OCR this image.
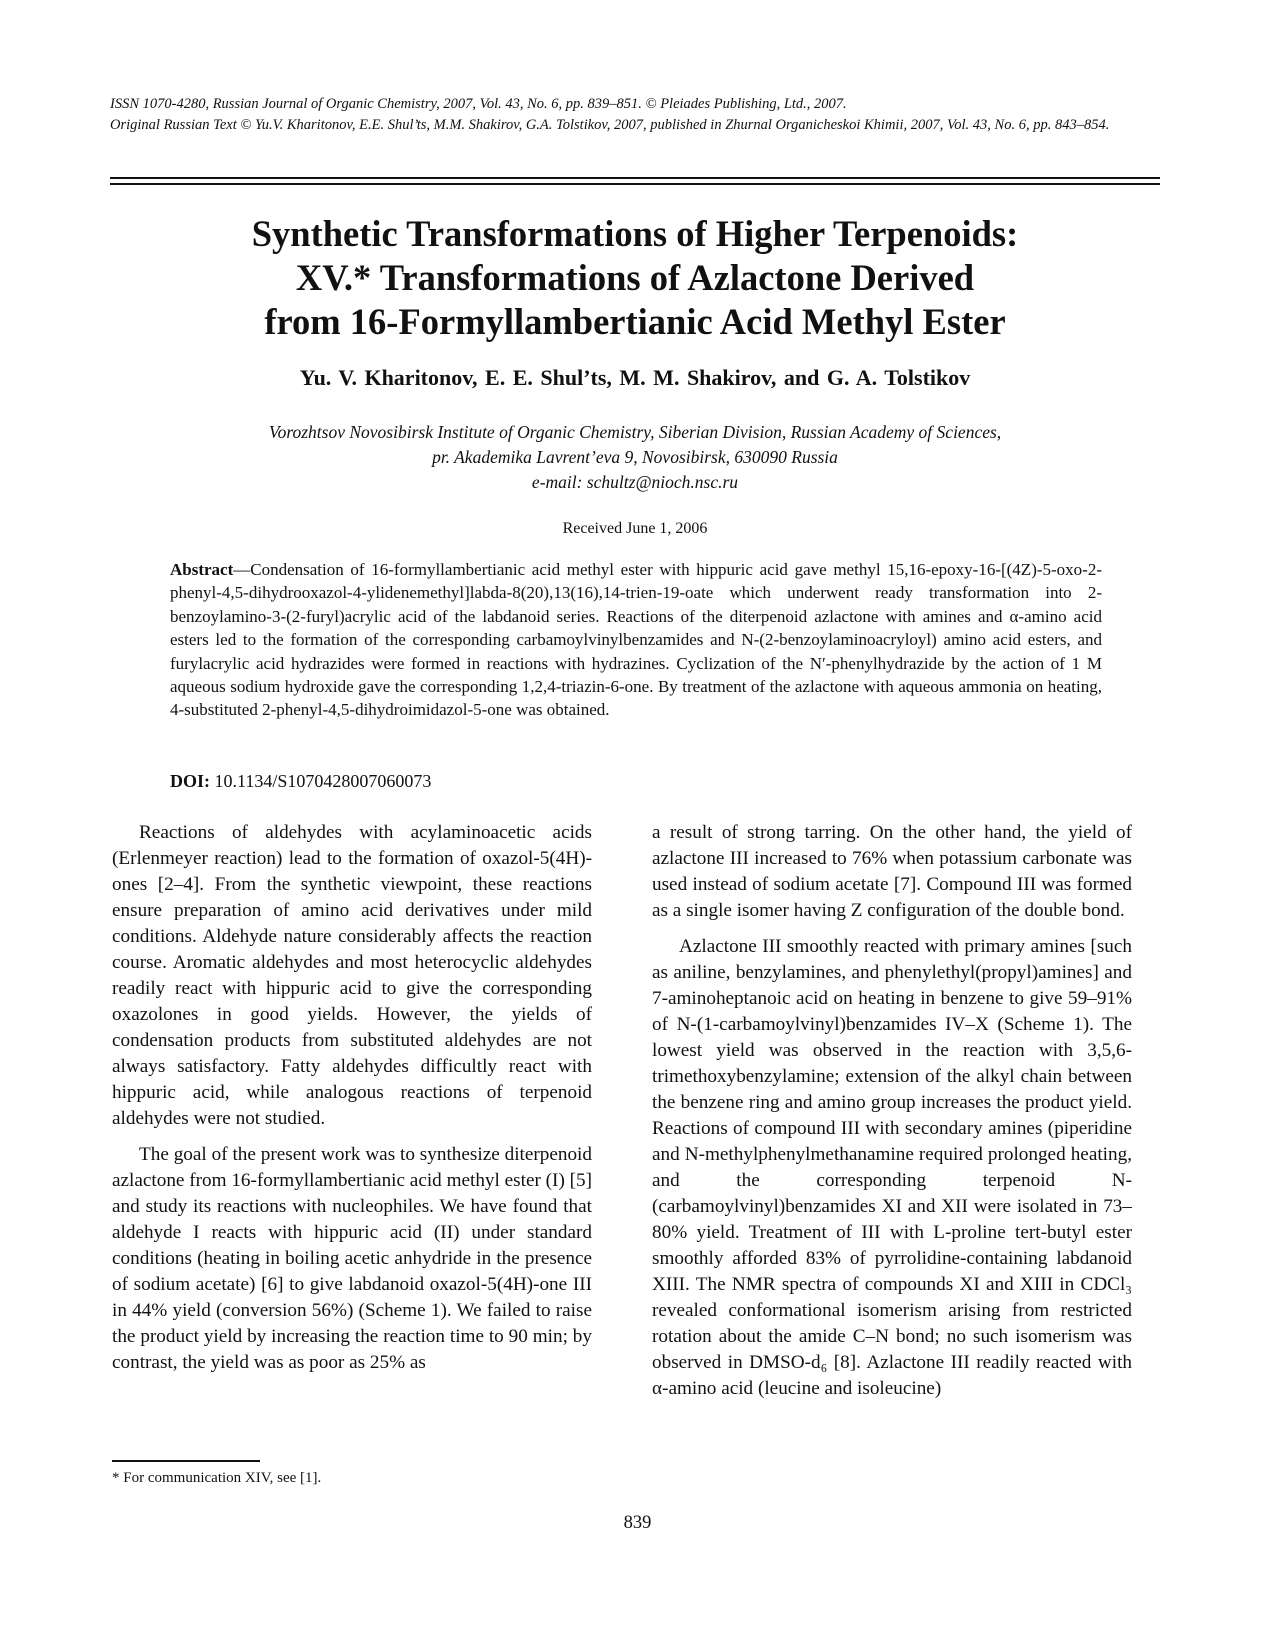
ISSN 1070-4280, Russian Journal of Organic Chemistry, 2007, Vol. 43, No. 6, pp. 839–851. © Pleiades Publishing, Ltd., 2007.

Original Russian Text © Yu.V. Kharitonov, E.E. Shul’ts, M.M. Shakirov, G.A. Tolstikov, 2007, published in Zhurnal Organicheskoi Khimii, 2007, Vol. 43, No. 6, pp. 843–854.

Synthetic Transformations of Higher Terpenoids:
XV.* Transformations of Azlactone Derived
from 16-Formyllambertianic Acid Methyl Ester
Yu. V. Kharitonov, E. E. Shul’ts, M. M. Shakirov, and G. A. Tolstikov
Vorozhtsov Novosibirsk Institute of Organic Chemistry, Siberian Division, Russian Academy of Sciences,
pr. Akademika Lavrent’eva 9, Novosibirsk, 630090 Russia
e-mail: schultz@nioch.nsc.ru
Received June 1, 2006

Abstract—Condensation of 16-formyllambertianic acid methyl ester with hippuric acid gave methyl 15,16-epoxy-16-[(4Z)-5-oxo-2-phenyl-4,5-dihydrooxazol-4-ylidenemethyl]labda-8(20),13(16),14-trien-19-oate which underwent ready transformation into 2-benzoylamino-3-(2-furyl)acrylic acid of the labdanoid series. Reactions of the diterpenoid azlactone with amines and α-amino acid esters led to the formation of the corresponding carbamoylvinylbenzamides and N-(2-benzoylaminoacryloyl) amino acid esters, and furylacrylic acid hydrazides were formed in reactions with hydrazines. Cyclization of the N′-phenylhydrazide by the action of 1 M aqueous sodium hydroxide gave the corresponding 1,2,4-triazin-6-one. By treatment of the azlactone with aqueous ammonia on heating, 4-substituted 2-phenyl-4,5-dihydroimidazol-5-one was obtained.

DOI: 10.1134/S1070428007060073

Reactions of aldehydes with acylaminoacetic acids (Erlenmeyer reaction) lead to the formation of oxazol-5(4H)-ones [2–4]. From the synthetic viewpoint, these reactions ensure preparation of amino acid derivatives under mild conditions. Aldehyde nature considerably affects the reaction course. Aromatic aldehydes and most heterocyclic aldehydes readily react with hippuric acid to give the corresponding oxazolones in good yields. However, the yields of condensation products from substituted aldehydes are not always satisfactory. Fatty aldehydes difficultly react with hippuric acid, while analogous reactions of terpenoid aldehydes were not studied.

The goal of the present work was to synthesize diterpenoid azlactone from 16-formyllambertianic acid methyl ester (I) [5] and study its reactions with nucleophiles. We have found that aldehyde I reacts with hippuric acid (II) under standard conditions (heating in boiling acetic anhydride in the presence of sodium acetate) [6] to give labdanoid oxazol-5(4H)-one III in 44% yield (conversion 56%) (Scheme 1). We failed to raise the product yield by increasing the reaction time to 90 min; by contrast, the yield was as poor as 25% as

a result of strong tarring. On the other hand, the yield of azlactone III increased to 76% when potassium carbonate was used instead of sodium acetate [7]. Compound III was formed as a single isomer having Z configuration of the double bond.

Azlactone III smoothly reacted with primary amines [such as aniline, benzylamines, and phenylethyl(propyl)amines] and 7-aminoheptanoic acid on heating in benzene to give 59–91% of N-(1-carbamoylvinyl)benzamides IV–X (Scheme 1). The lowest yield was observed in the reaction with 3,5,6-trimethoxybenzylamine; extension of the alkyl chain between the benzene ring and amino group increases the product yield. Reactions of compound III with secondary amines (piperidine and N-methylphenylmethanamine required prolonged heating, and the corresponding terpenoid N-(carbamoylvinyl)benzamides XI and XII were isolated in 73–80% yield. Treatment of III with L-proline tert-butyl ester smoothly afforded 83% of pyrrolidine-containing labdanoid XIII. The NMR spectra of compounds XI and XIII in CDCl₃ revealed conformational isomerism arising from restricted rotation about the amide C–N bond; no such isomerism was observed in DMSO-d₆ [8]. Azlactone III readily reacted with α-amino acid (leucine and isoleucine)

* For communication XIV, see [1].
839
